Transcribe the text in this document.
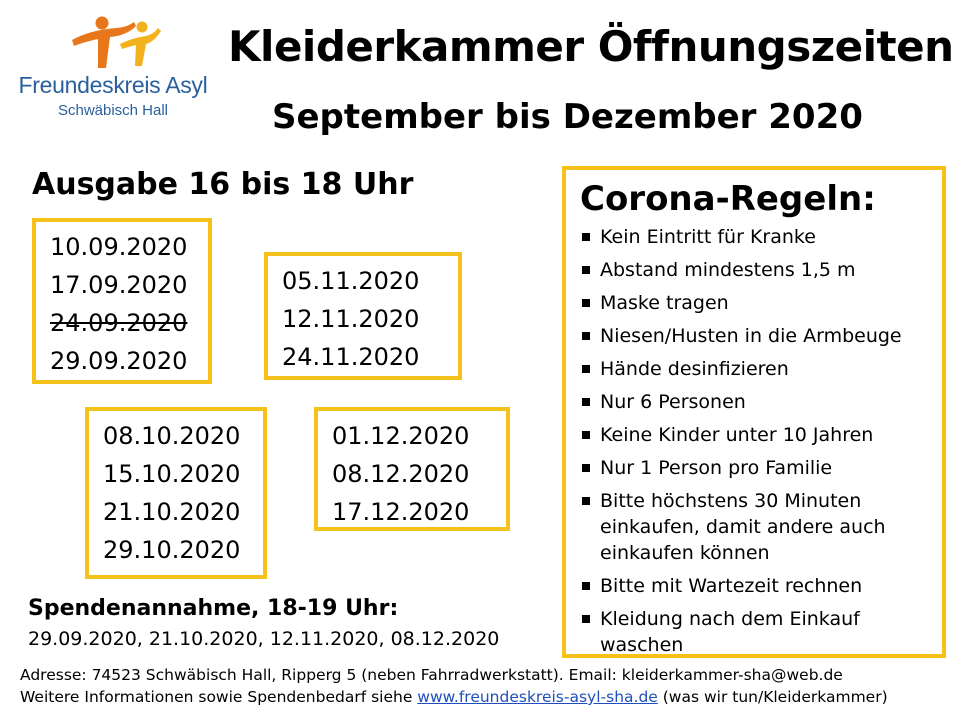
Freundeskreis Asyl
Schwäbisch Hall
Kleiderkammer Öffnungszeiten
September bis Dezember 2020
Ausgabe 16 bis 18 Uhr
10.09.2020
17.09.2020
24.09.2020
29.09.2020
05.11.2020
12.11.2020
24.11.2020
08.10.2020
15.10.2020
21.10.2020
29.10.2020
01.12.2020
08.12.2020
17.12.2020
Spendenannahme, 18-19 Uhr:
29.09.2020, 21.10.2020, 12.11.2020, 08.12.2020
Corona-Regeln:
Kein Eintritt für Kranke
Abstand mindestens 1,5 m
Maske tragen
Niesen/Husten in die Armbeuge
Hände desinfizieren
Nur 6 Personen
Keine Kinder unter 10 Jahren
Nur 1 Person pro Familie
Bitte höchstens 30 Minuten einkaufen, damit andere auch einkaufen können
Bitte mit Wartezeit rechnen
Kleidung nach dem Einkauf waschen
Adresse: 74523 Schwäbisch Hall, Ripperg 5 (neben Fahrradwerkstatt). Email: kleiderkammer-sha@web.de
Weitere Informationen sowie Spendenbedarf siehe www.freundeskreis-asyl-sha.de (was wir tun/Kleiderkammer)
